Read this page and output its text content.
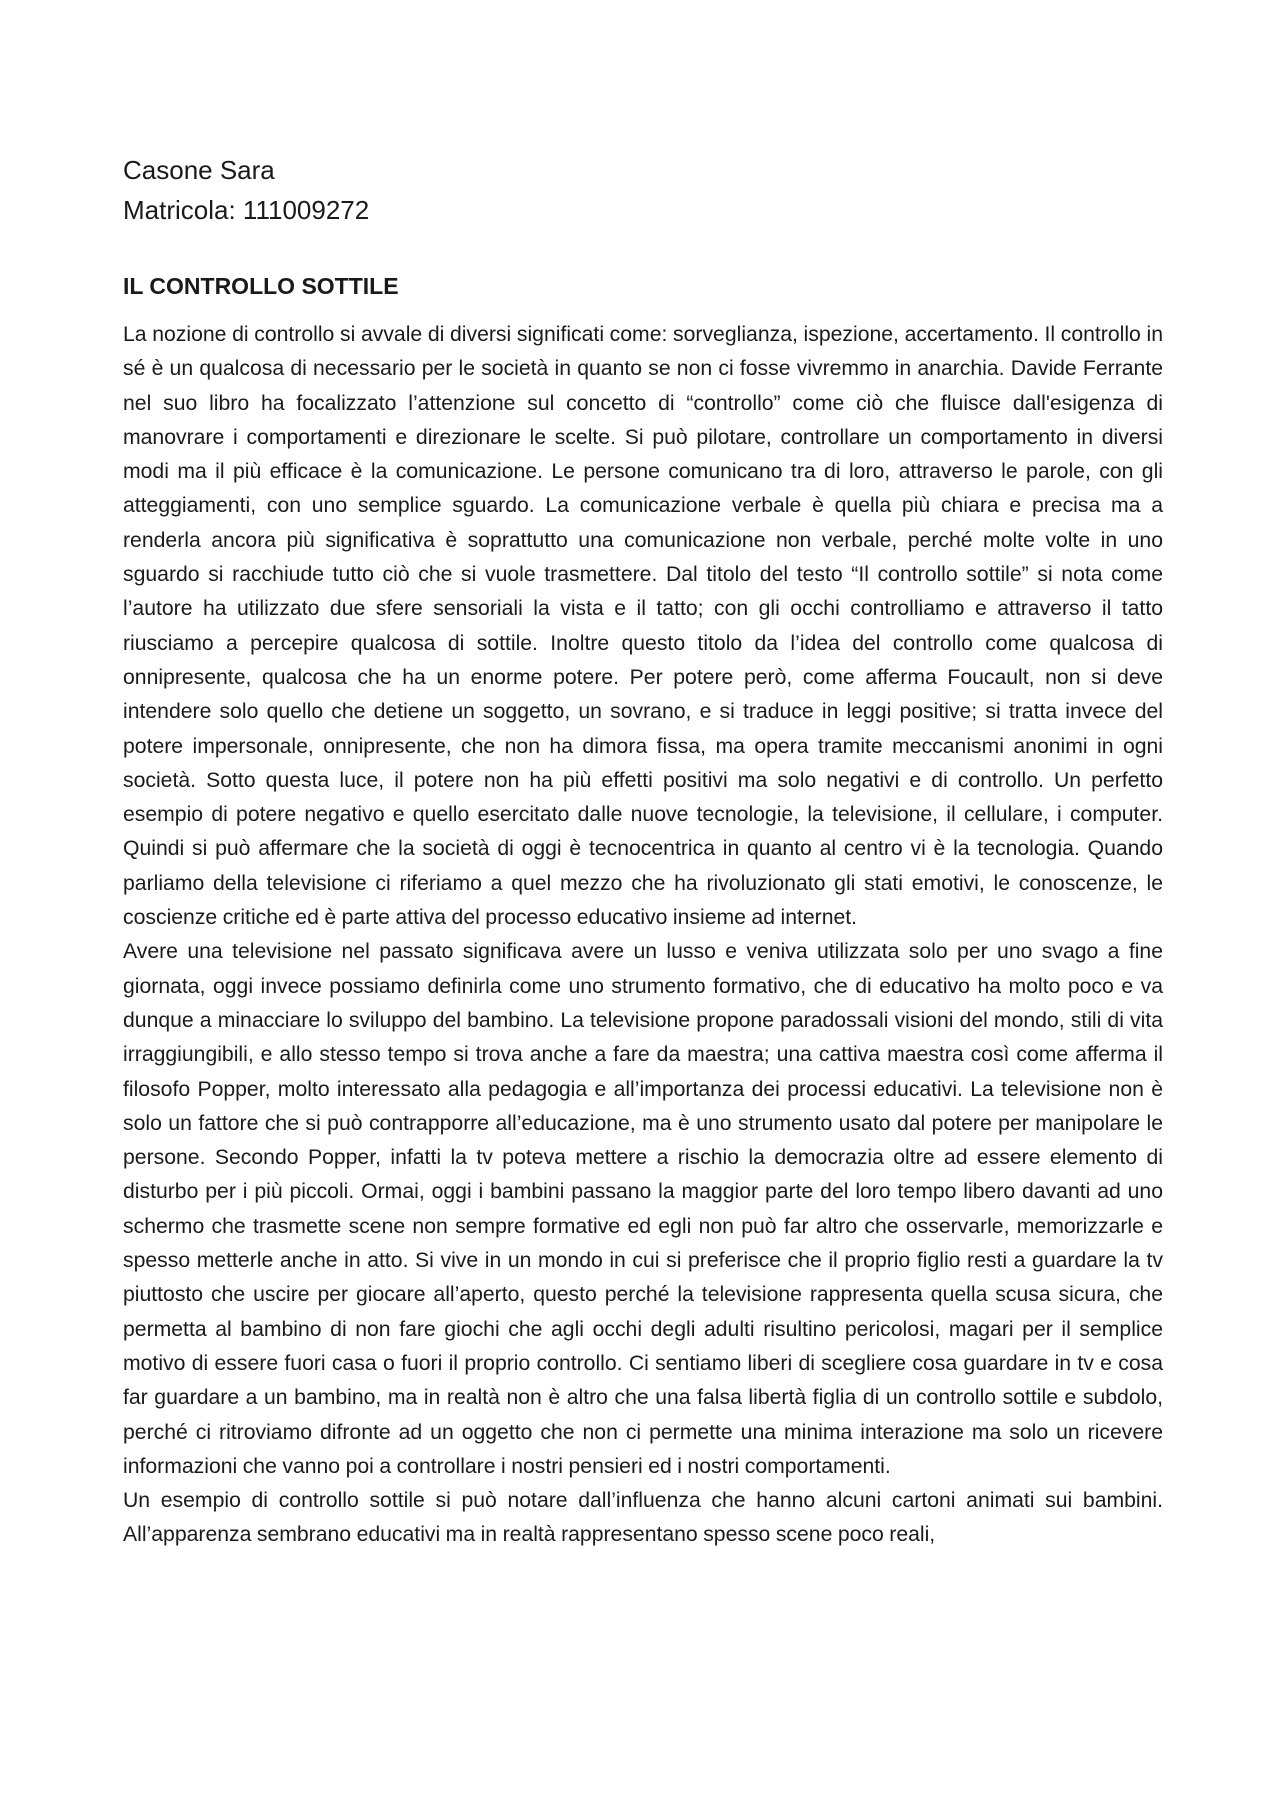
Casone Sara

Matricola: 111009272

IL CONTROLLO SOTTILE

La nozione di controllo si avvale di diversi significati come: sorveglianza, ispezione, accertamento. Il controllo in sé è un qualcosa di necessario per le società in quanto se non ci fosse vivremmo in anarchia. Davide Ferrante nel suo libro ha focalizzato l’attenzione sul concetto di “controllo” come ciò che fluisce dall'esigenza di manovrare i comportamenti e direzionare le scelte. Si può pilotare, controllare un comportamento in diversi modi ma il più efficace è la comunicazione. Le persone comunicano tra di loro, attraverso le parole, con gli atteggiamenti, con uno semplice sguardo. La comunicazione verbale è quella più chiara e precisa ma a renderla ancora più significativa è soprattutto una comunicazione non verbale, perché molte volte in uno sguardo si racchiude tutto ciò che si vuole trasmettere. Dal titolo del testo “Il controllo sottile” si nota come l’autore ha utilizzato due sfere sensoriali la vista e il tatto; con gli occhi controlliamo e attraverso il tatto riusciamo a percepire qualcosa di sottile. Inoltre questo titolo da l’idea del controllo come qualcosa di onnipresente, qualcosa che ha un enorme potere. Per potere però, come afferma Foucault, non si deve intendere solo quello che detiene un soggetto, un sovrano, e si traduce in leggi positive; si tratta invece del potere impersonale, onnipresente, che non ha dimora fissa, ma opera tramite meccanismi anonimi in ogni società. Sotto questa luce, il potere non ha più effetti positivi ma solo negativi e di controllo. Un perfetto esempio di potere negativo e quello esercitato dalle nuove tecnologie, la televisione, il cellulare, i computer. Quindi si può affermare che la società di oggi è tecnocentrica in quanto al centro vi è la tecnologia. Quando parliamo della televisione ci riferiamo a quel mezzo che ha rivoluzionato gli stati emotivi, le conoscenze, le coscienze critiche ed è parte attiva del processo educativo insieme ad internet.

Avere una televisione nel passato significava avere un lusso e veniva utilizzata solo per uno svago a fine giornata, oggi invece possiamo definirla come uno strumento formativo, che di educativo ha molto poco e va dunque a minacciare lo sviluppo del bambino. La televisione propone paradossali visioni del mondo, stili di vita irraggiungibili, e allo stesso tempo si trova anche a fare da maestra; una cattiva maestra così come afferma il filosofo Popper, molto interessato alla pedagogia e all’importanza dei processi educativi. La televisione non è solo un fattore che si può contrapporre all’educazione, ma è uno strumento usato dal potere per manipolare le persone. Secondo Popper, infatti la tv poteva mettere a rischio la democrazia oltre ad essere elemento di disturbo per i più piccoli. Ormai, oggi i bambini passano la maggior parte del loro tempo libero davanti ad uno schermo che trasmette scene non sempre formative ed egli non può far altro che osservarle, memorizzarle e spesso metterle anche in atto. Si vive in un mondo in cui si preferisce che il proprio figlio resti a guardare la tv piuttosto che uscire per giocare all’aperto, questo perché la televisione rappresenta quella scusa sicura, che permetta al bambino di non fare giochi che agli occhi degli adulti risultino pericolosi, magari per il semplice motivo di essere fuori casa o fuori il proprio controllo. Ci sentiamo liberi di scegliere cosa guardare in tv e cosa far guardare a un bambino, ma in realtà non è altro che una falsa libertà figlia di un controllo sottile e subdolo, perché ci ritroviamo difronte ad un oggetto che non ci permette una minima interazione ma solo un ricevere informazioni che vanno poi a controllare i nostri pensieri ed i nostri comportamenti.

Un esempio di controllo sottile si può notare dall’influenza che hanno alcuni cartoni animati sui bambini. All’apparenza sembrano educativi ma in realtà rappresentano spesso scene poco reali,
